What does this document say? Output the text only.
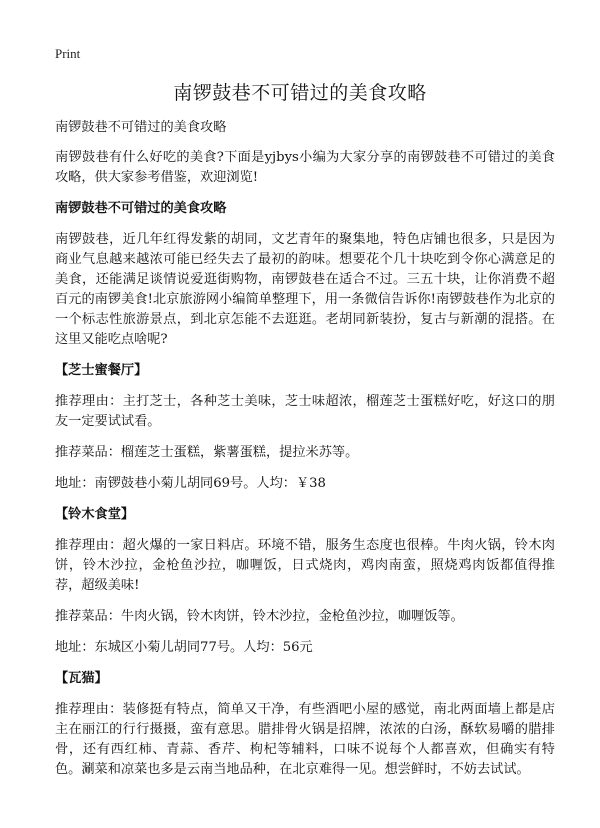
Print
南锣鼓巷不可错过的美食攻略

南锣鼓巷不可错过的美食攻略

南锣鼓巷有什么好吃的美食?下面是yjbys小编为大家分享的南锣鼓巷不可错过的美食攻略，供大家参考借鉴，欢迎浏览!

南锣鼓巷不可错过的美食攻略

南锣鼓巷，近几年红得发紫的胡同，文艺青年的聚集地，特色店铺也很多，只是因为商业气息越来越浓可能已经失去了最初的韵味。想要花个几十块吃到令你心满意足的美食，还能满足谈情说爱逛街购物，南锣鼓巷在适合不过。三五十块，让你消费不超百元的南锣美食!北京旅游网小编简单整理下，用一条微信告诉你!南锣鼓巷作为北京的一个标志性旅游景点，到北京怎能不去逛逛。老胡同新装扮，复古与新潮的混搭。在这里又能吃点啥呢?

【芝士蜜餐厅】

推荐理由：主打芝士，各种芝士美味，芝士味超浓，榴莲芝士蛋糕好吃，好这口的朋友一定要试试看。

推荐菜品：榴莲芝士蛋糕，紫薯蛋糕，提拉米苏等。

地址：南锣鼓巷小菊儿胡同69号。人均：￥38

【铃木食堂】

推荐理由：超火爆的一家日料店。环境不错，服务生态度也很棒。牛肉火锅，铃木肉饼，铃木沙拉，金枪鱼沙拉，咖喱饭，日式烧肉，鸡肉南蛮，照烧鸡肉饭都值得推荐，超级美味!

推荐菜品：牛肉火锅，铃木肉饼，铃木沙拉，金枪鱼沙拉，咖喱饭等。

地址：东城区小菊儿胡同77号。人均：56元

【瓦猫】

推荐理由：装修挺有特点，简单又干净，有些酒吧小屋的感觉，南北两面墙上都是店主在丽江的行行摄摄，蛮有意思。腊排骨火锅是招牌，浓浓的白汤，酥软易嚼的腊排骨，还有西红柿、青蒜、香芹、枸杞等辅料，口味不说每个人都喜欢，但确实有特色。涮菜和凉菜也多是云南当地品种，在北京难得一见。想尝鲜时，不妨去试试。
